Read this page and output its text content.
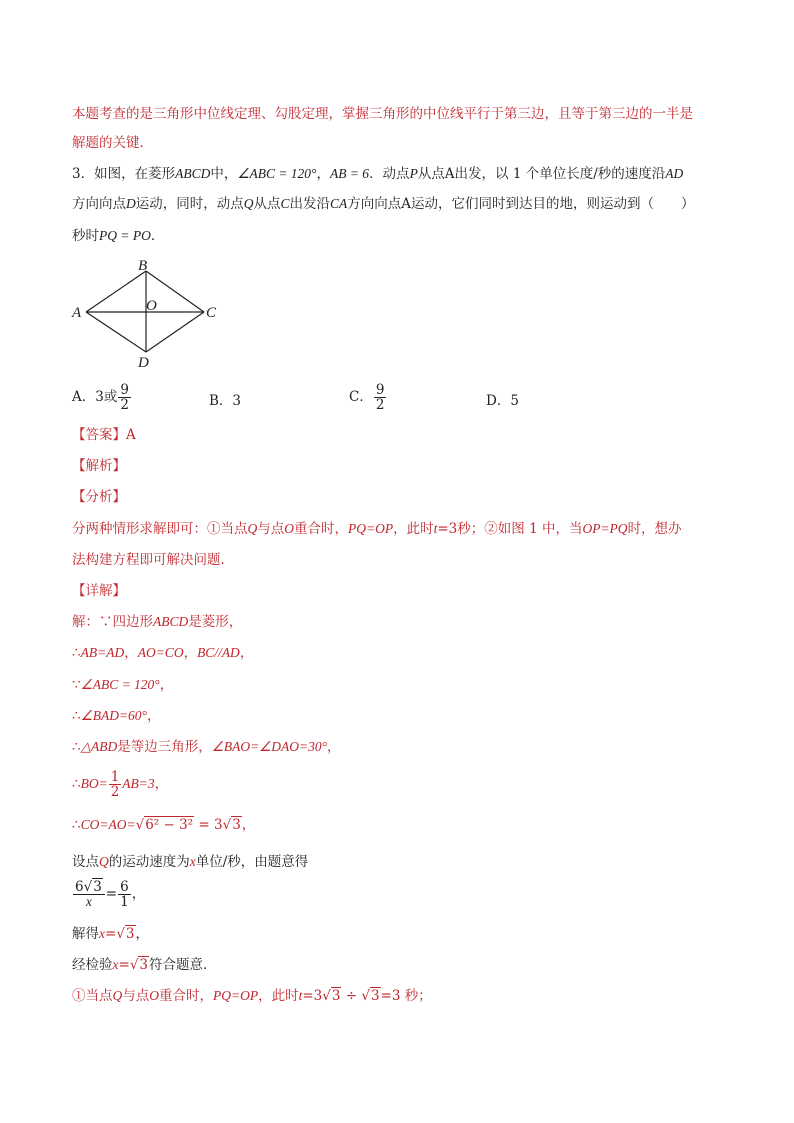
本题考查的是三角形中位线定理、勾股定理，掌握三角形的中位线平行于第三边，且等于第三边的一半是
解题的关键．
3．如图，在菱形ABCD中，∠ABC = 120°，AB = 6．动点P从点A出发，以 1 个单位长度/秒的速度沿AD
方向向点D运动，同时，动点Q从点C出发沿CA方向向点A运动，它们同时到达目的地，则运动到（　　）
秒时PQ = PO．
B
A	C
O
D
A．3或 $\frac{9}{2}$	B．3	C． $\frac{9}{2}$	D．5
【答案】A
【解析】
【分析】
分两种情形求解即可：①当点Q与点O重合时，PQ=OP，此时t=3秒；②如图 1 中，当OP=PQ时，想办
法构建方程即可解决问题．
【详解】
解：∵四边形ABCD是菱形，
∴AB=AD，AO=CO，BC//AD，
∵∠ABC = 120°，
∴∠BAD=60°，
∴△ABD是等边三角形，∠BAO=∠DAO=30°，
∴BO= $\frac{1}{2} AB=3$，
∴CO=AO=√6² − 3² = 3√3，
设点Q的运动速度为x单位/秒，由题意得
$\frac{6√3}{x} = \frac{6}{1}$ ，
解得x=√3，
经检验x=√3符合题意．
①当点Q与点O重合时，PQ=OP，此时t=3√3 ÷ √3=3 秒；
